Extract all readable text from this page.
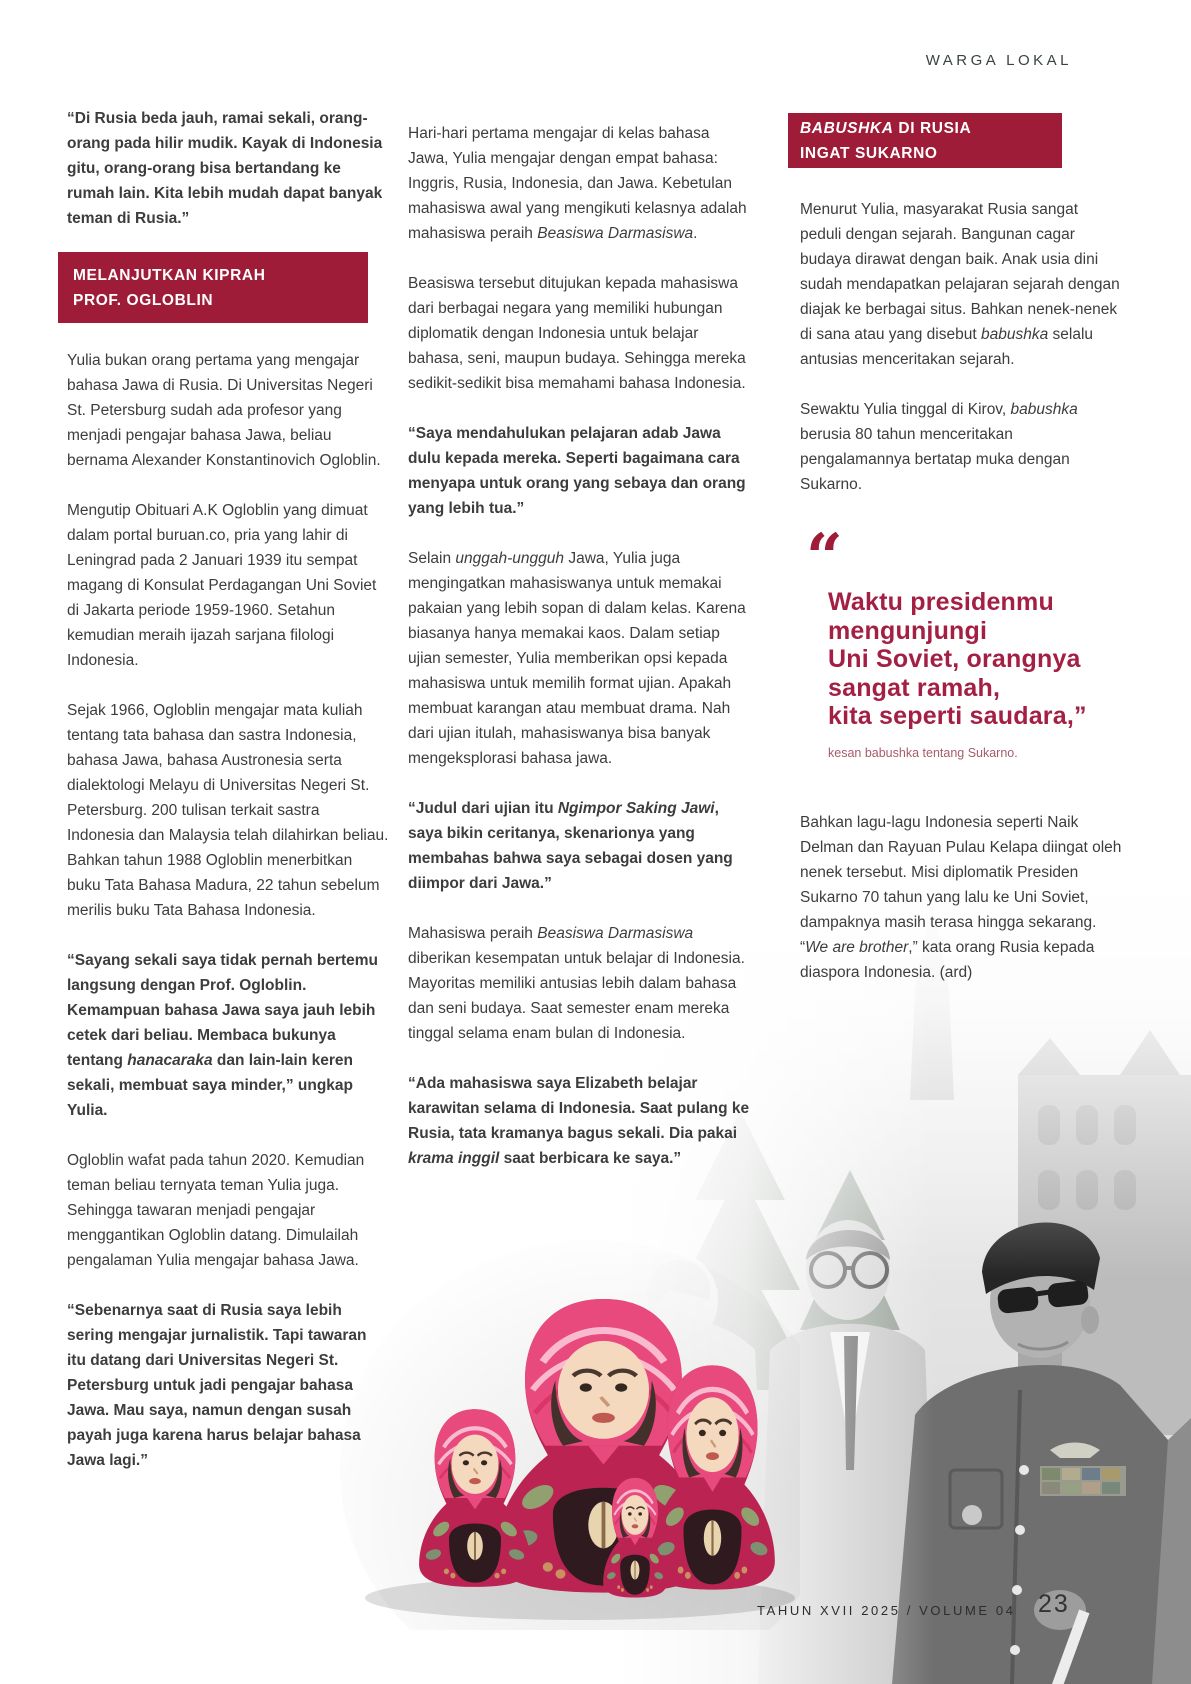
WARGA LOKAL

“Di Rusia beda jauh, ramai sekali, orang-orang pada hilir mudik. Kayak di Indonesia gitu, orang-orang bisa bertandang ke rumah lain. Kita lebih mudah dapat banyak teman di Rusia.”

MELANJUTKAN KIPRAH
PROF. OGLOBLIN

Yulia bukan orang pertama yang mengajar bahasa Jawa di Rusia. Di Universitas Negeri St. Petersburg sudah ada profesor yang menjadi pengajar bahasa Jawa, beliau bernama Alexander Konstantinovich Ogloblin.

Mengutip Obituari A.K Ogloblin yang dimuat dalam portal buruan.co, pria yang lahir di Leningrad pada 2 Januari 1939 itu sempat magang di Konsulat Perdagangan Uni Soviet di Jakarta periode 1959-1960. Setahun kemudian meraih ijazah sarjana filologi Indonesia.

Sejak 1966, Ogloblin mengajar mata kuliah tentang tata bahasa dan sastra Indonesia, bahasa Jawa, bahasa Austronesia serta dialektologi Melayu di Universitas Negeri St. Petersburg. 200 tulisan terkait sastra Indonesia dan Malaysia telah dilahirkan beliau. Bahkan tahun 1988 Ogloblin menerbitkan buku Tata Bahasa Madura, 22 tahun sebelum merilis buku Tata Bahasa Indonesia.

“Sayang sekali saya tidak pernah bertemu langsung dengan Prof. Ogloblin. Kemampuan bahasa Jawa saya jauh lebih cetek dari beliau. Membaca bukunya tentang hanacaraka dan lain-lain keren sekali, membuat saya minder,” ungkap Yulia.

Ogloblin wafat pada tahun 2020. Kemudian teman beliau ternyata teman Yulia juga. Sehingga tawaran menjadi pengajar menggantikan Ogloblin datang. Dimulailah pengalaman Yulia mengajar bahasa Jawa.

“Sebenarnya saat di Rusia saya lebih sering mengajar jurnalistik. Tapi tawaran itu datang dari Universitas Negeri St. Petersburg untuk jadi pengajar bahasa Jawa. Mau saya, namun dengan susah payah juga karena harus belajar bahasa Jawa lagi.”

Hari-hari pertama mengajar di kelas bahasa Jawa, Yulia mengajar dengan empat bahasa: Inggris, Rusia, Indonesia, dan Jawa. Kebetulan mahasiswa awal yang mengikuti kelasnya adalah mahasiswa peraih Beasiswa Darmasiswa.

Beasiswa tersebut ditujukan kepada mahasiswa dari berbagai negara yang memiliki hubungan diplomatik dengan Indonesia untuk belajar bahasa, seni, maupun budaya. Sehingga mereka sedikit-sedikit bisa memahami bahasa Indonesia.

“Saya mendahulukan pelajaran adab Jawa dulu kepada mereka. Seperti bagaimana cara menyapa untuk orang yang sebaya dan orang yang lebih tua.”

Selain unggah-ungguh Jawa, Yulia juga mengingatkan mahasiswanya untuk memakai pakaian yang lebih sopan di dalam kelas. Karena biasanya hanya memakai kaos. Dalam setiap ujian semester, Yulia memberikan opsi kepada mahasiswa untuk memilih format ujian. Apakah membuat karangan atau membuat drama. Nah dari ujian itulah, mahasiswanya bisa banyak mengeksplorasi bahasa jawa.

“Judul dari ujian itu Ngimpor Saking Jawi, saya bikin ceritanya, skenarionya yang membahas bahwa saya sebagai dosen yang diimpor dari Jawa.”

Mahasiswa peraih Beasiswa Darmasiswa diberikan kesempatan untuk belajar di Indonesia. Mayoritas memiliki antusias lebih dalam bahasa dan seni budaya. Saat semester enam mereka tinggal selama enam bulan di Indonesia.

“Ada mahasiswa saya Elizabeth belajar karawitan selama di Indonesia. Saat pulang ke Rusia, tata kramanya bagus sekali. Dia pakai krama inggil saat berbicara ke saya.”

BABUSHKA DI RUSIA
INGAT SUKARNO

Menurut Yulia, masyarakat Rusia sangat peduli dengan sejarah. Bangunan cagar budaya dirawat dengan baik. Anak usia dini sudah mendapatkan pelajaran sejarah dengan diajak ke berbagai situs. Bahkan nenek-nenek di sana atau yang disebut babushka selalu antusias menceritakan sejarah.

Sewaktu Yulia tinggal di Kirov, babushka berusia 80 tahun menceritakan pengalamannya bertatap muka dengan Sukarno.

“
Waktu presidenmu
mengunjungi
Uni Soviet, orangnya
sangat ramah,
kita seperti saudara,”
kesan babushka tentang Sukarno.

Bahkan lagu-lagu Indonesia seperti Naik Delman dan Rayuan Pulau Kelapa diingat oleh nenek tersebut. Misi diplomatik Presiden Sukarno 70 tahun yang lalu ke Uni Soviet, dampaknya masih terasa hingga sekarang. “We are brother,” kata orang Rusia kepada diaspora Indonesia. (ard)

TAHUN XVII 2025 / VOLUME 04 23
